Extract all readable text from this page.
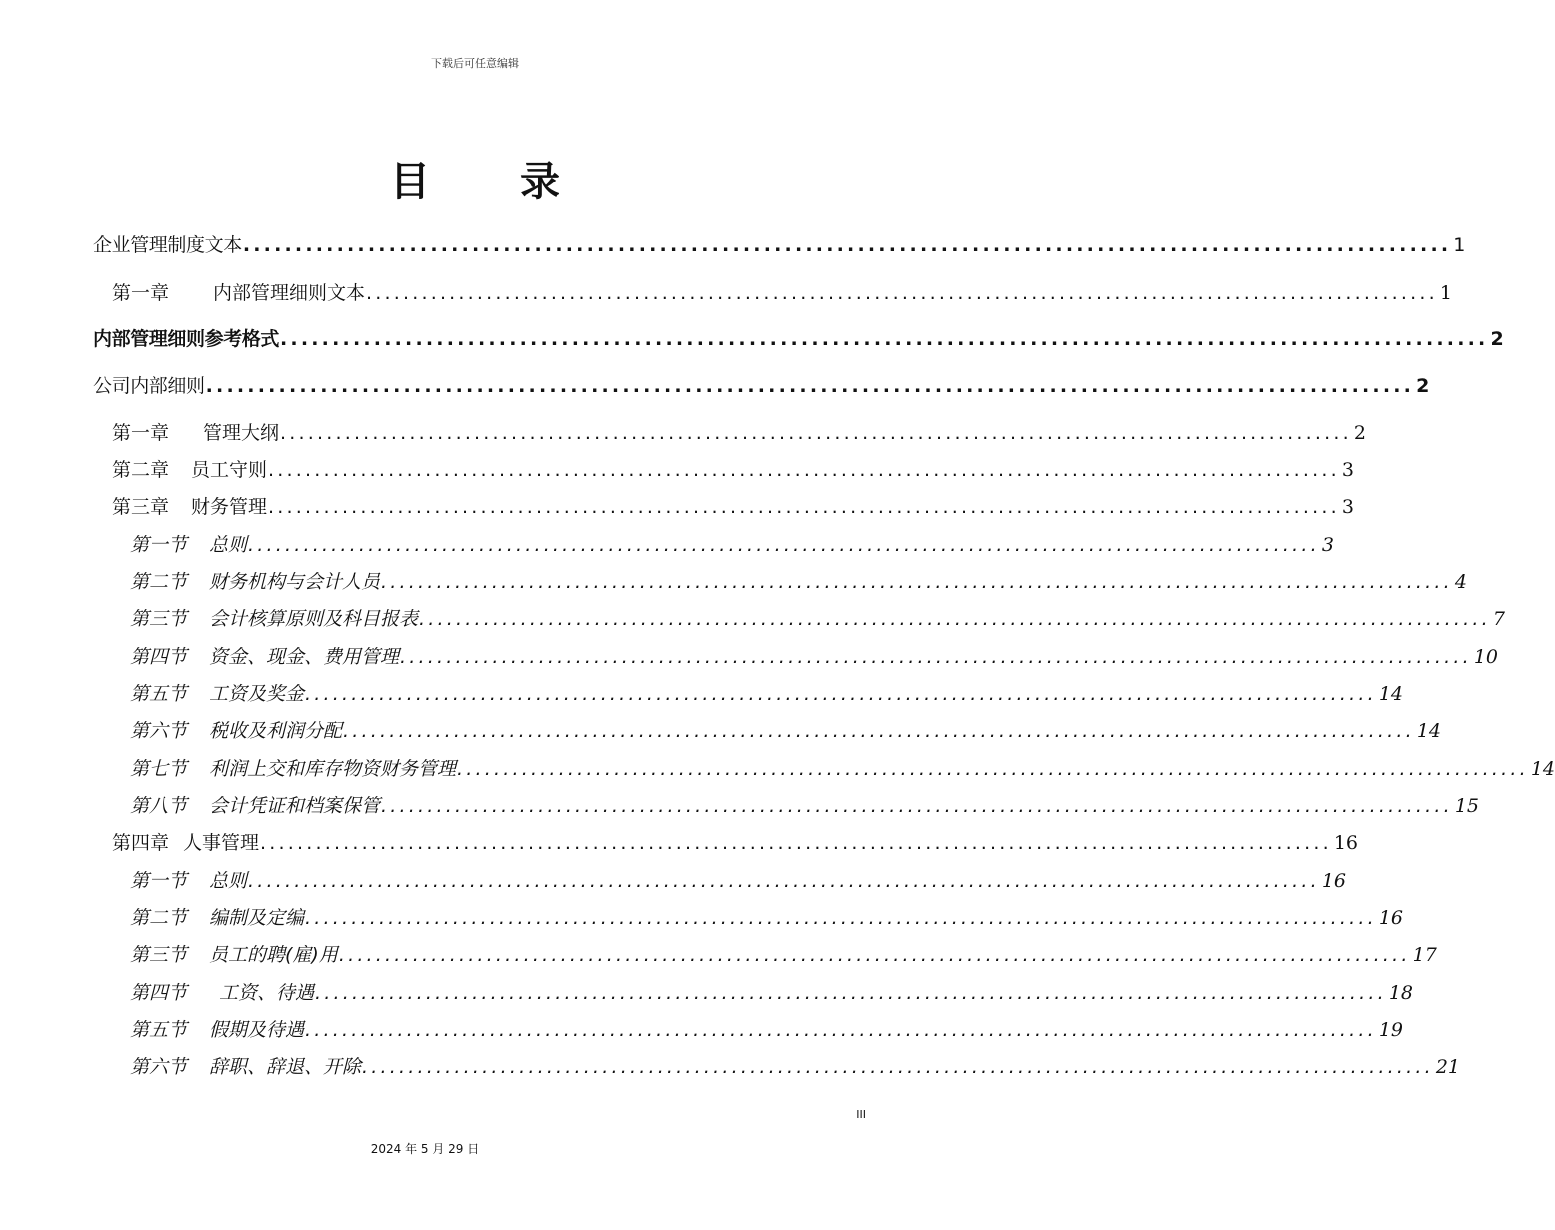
下载后可任意编辑
目 录
企业管理制度文本 .................................................................................................................... 1
第一章 内部管理细则文本 .................................................................................................................... 1
内部管理细则参考格式 .................................................................................................................... 2
公司内部细则 .................................................................................................................... 2
第一章 管理大纲 .................................................................................................................... 2
第二章 员工守则 .................................................................................................................... 3
第三章 财务管理 .................................................................................................................... 3
第一节 总则 .................................................................................................................... 3
第二节 财务机构与会计人员 .................................................................................................................... 4
第三节 会计核算原则及科目报表 .................................................................................................................... 7
第四节 资金、现金、费用管理 .................................................................................................................... 10
第五节 工资及奖金 .................................................................................................................... 14
第六节 税收及利润分配 .................................................................................................................... 14
第七节 利润上交和库存物资财务管理 .................................................................................................................... 14
第八节 会计凭证和档案保管 .................................................................................................................... 15
第四章 人事管理 .................................................................................................................... 16
第一节 总则 .................................................................................................................... 16
第二节 编制及定编 .................................................................................................................... 16
第三节 员工的聘(雇)用 .................................................................................................................... 17
第四节 工资、待遇 .................................................................................................................... 18
第五节 假期及待遇 .................................................................................................................... 19
第六节 辞职、辞退、开除 .................................................................................................................... 21
III
2024 年 5 月 29 日
